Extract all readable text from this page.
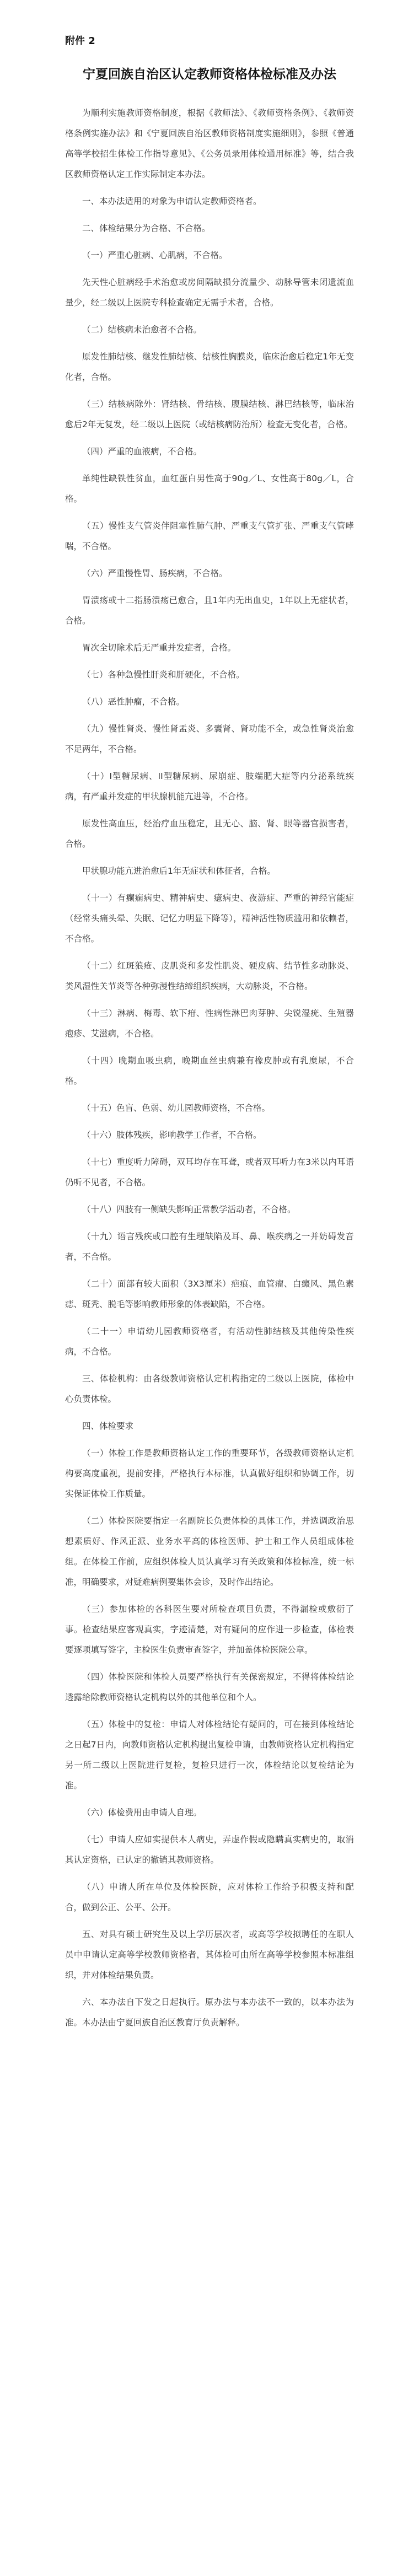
附件 2
宁夏回族自治区认定教师资格体检标准及办法

为顺利实施教师资格制度，根据《教师法》、《教师资格条例》、《教师资格条例实施办法》和《宁夏回族自治区教师资格制度实施细则》，参照《普通高等学校招生体检工作指导意见》、《公务员录用体检通用标准》等，结合我区教师资格认定工作实际制定本办法。

一、本办法适用的对象为申请认定教师资格者。

二、体检结果分为合格、不合格。

（一）严重心脏病、心肌病，不合格。

先天性心脏病经手术治愈或房间隔缺损分流量少、动脉导管未闭遗流血量少，经二级以上医院专科检查确定无需手术者，合格。

（二）结核病未治愈者不合格。

原发性肺结核、继发性肺结核、结核性胸膜炎，临床治愈后稳定1年无变化者，合格。

（三）结核病除外：肾结核、骨结核、腹膜结核、淋巴结核等，临床治愈后2年无复发，经二级以上医院（或结核病防治所）检查无变化者，合格。

（四）严重的血液病，不合格。

单纯性缺铁性贫血，血红蛋白男性高于90g／L、女性高于80g／L，合格。

（五）慢性支气管炎伴阻塞性肺气肿、严重支气管扩张、严重支气管哮喘，不合格。

（六）严重慢性胃、肠疾病，不合格。

胃溃疡或十二指肠溃疡已愈合，且1年内无出血史，1年以上无症状者，合格。

胃次全切除术后无严重并发症者，合格。

（七）各种急慢性肝炎和肝硬化，不合格。

（八）恶性肿瘤，不合格。

（九）慢性肾炎、慢性肾盂炎、多囊肾、肾功能不全，或急性肾炎治愈不足两年，不合格。

（十）I型糖尿病、II型糖尿病、尿崩症、肢端肥大症等内分泌系统疾病，有严重并发症的甲状腺机能亢进等，不合格。

原发性高血压，经治疗血压稳定，且无心、脑、肾、眼等器官损害者，合格。

甲状腺功能亢进治愈后1年无症状和体征者，合格。

（十一）有癫痫病史、精神病史、癔病史、夜游症、严重的神经官能症（经常头痛头晕、失眠、记忆力明显下降等），精神活性物质滥用和依赖者，不合格。

（十二）红斑狼疮、皮肌炎和多发性肌炎、硬皮病、结节性多动脉炎、类风湿性关节炎等各种弥漫性结缔组织疾病，大动脉炎，不合格。

（十三）淋病、梅毒、软下疳、性病性淋巴肉芽肿、尖锐湿疣、生殖器疱疹、艾滋病，不合格。

（十四）晚期血吸虫病，晚期血丝虫病兼有橡皮肿或有乳糜尿，不合格。

（十五）色盲、色弱、幼儿园教师资格，不合格。

（十六）肢体残疾，影响教学工作者，不合格。

（十七）重度听力障碍，双耳均存在耳聋，或者双耳听力在3米以内耳语仍听不见者，不合格。

（十八）四肢有一侧缺失影响正常教学活动者，不合格。

（十九）语言残疾或口腔有生理缺陷及耳、鼻、喉疾病之一并妨碍发音者，不合格。

（二十）面部有较大面积（3X3厘米）疤痕、血管瘤、白癜风、黑色素痣、斑秃、脱毛等影响教师形象的体表缺陷，不合格。

（二十一）申请幼儿园教师资格者，有活动性肺结核及其他传染性疾病，不合格。

三、体检机构：由各级教师资格认定机构指定的二级以上医院，体检中心负责体检。

四、体检要求

（一）体检工作是教师资格认定工作的重要环节，各级教师资格认定机构要高度重视，提前安排，严格执行本标准，认真做好组织和协调工作，切实保证体检工作质量。

（二）体检医院要指定一名副院长负责体检的具体工作，并选调政治思想素质好、作风正派、业务水平高的体检医师、护士和工作人员组成体检组。在体检工作前，应组织体检人员认真学习有关政策和体检标准，统一标准，明确要求，对疑难病例要集体会诊，及时作出结论。

（三）参加体检的各科医生要对所检查项目负责，不得漏检或敷衍了事。检查结果应客观真实，字迹清楚，对有疑问的应作进一步检查，体检表要逐项填写签字，主检医生负责审查签字，并加盖体检医院公章。

（四）体检医院和体检人员要严格执行有关保密规定，不得将体检结论透露给除教师资格认定机构以外的其他单位和个人。

（五）体检中的复检：申请人对体检结论有疑问的，可在接到体检结论之日起7日内，向教师资格认定机构提出复检申请，由教师资格认定机构指定另一所二级以上医院进行复检，复检只进行一次，体检结论以复检结论为准。

（六）体检费用由申请人自理。

（七）申请人应如实提供本人病史，弄虚作假或隐瞒真实病史的，取消其认定资格，已认定的撤销其教师资格。

（八）申请人所在单位及体检医院，应对体检工作给予积极支持和配合，做到公正、公平、公开。

五、对具有硕士研究生及以上学历层次者，或高等学校拟聘任的在职人员中申请认定高等学校教师资格者，其体检可由所在高等学校参照本标准组织，并对体检结果负责。

六、本办法自下发之日起执行。原办法与本办法不一致的，以本办法为准。本办法由宁夏回族自治区教育厅负责解释。
